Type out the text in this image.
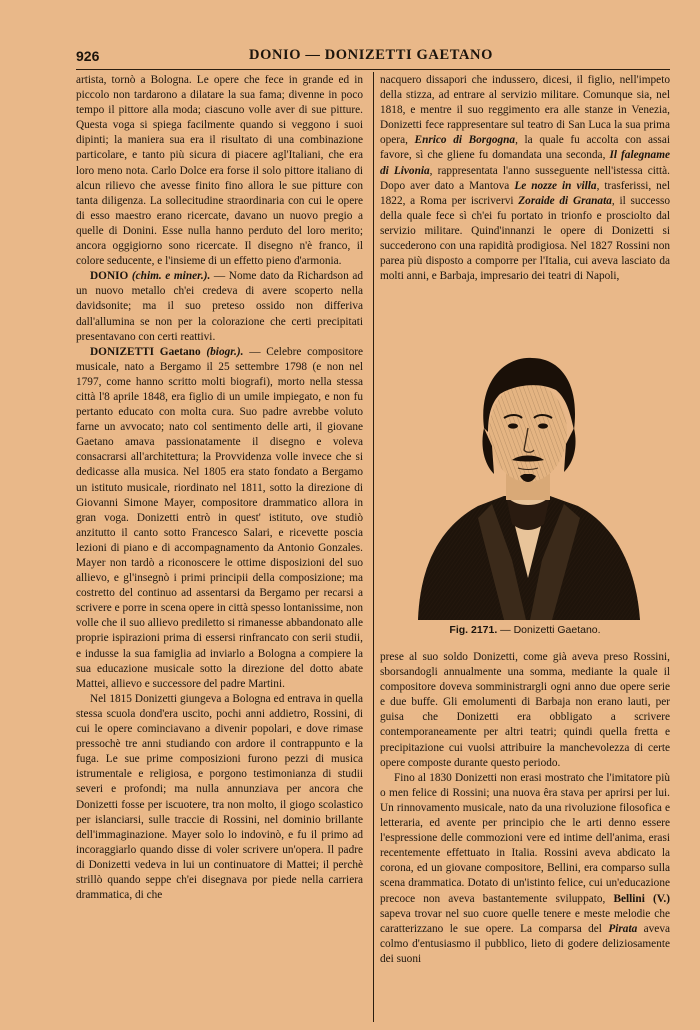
926	DONIO — DONIZETTI GAETANO

artista, tornò a Bologna. Le opere che fece in grande ed in piccolo non tardarono a dilatare la sua fama; divenne in poco tempo il pittore alla moda; ciascuno volle aver di sue pitture. Questa voga si spiega facilmente quando si veggono i suoi dipinti; la maniera sua era il risultato di una combinazione particolare, e tanto più sicura di piacere agl'Italiani, che era loro meno nota. Carlo Dolce era forse il solo pittore italiano di alcun rilievo che avesse finito fino allora le sue pitture con tanta diligenza. La sollecitudine straordinaria con cui le opere di esso maestro erano ricercate, davano un nuovo pregio a quelle di Donini. Esse nulla hanno perduto del loro merito; ancora oggigiorno sono ricercate. Il disegno n'è franco, il colore seducente, e l'insieme di un effetto pieno d'armonia.

DONIO (chim. e miner.). — Nome dato da Richardson ad un nuovo metallo ch'ei credeva di avere scoperto nella davidsonite; ma il suo preteso ossido non differiva dall'allumina se non per la colorazione che certi precipitati presentavano con certi reattivi.

DONIZETTI Gaetano (biogr.). — Celebre compositore musicale, nato a Bergamo il 25 settembre 1798 (e non nel 1797, come hanno scritto molti biografi), morto nella stessa città l'8 aprile 1848, era figlio di un umile impiegato, e non fu pertanto educato con molta cura. Suo padre avrebbe voluto farne un avvocato; nato col sentimento delle arti, il giovane Gaetano amava passionatamente il disegno e voleva consacrarsi all'architettura; la Provvidenza volle invece che si dedicasse alla musica. Nel 1805 era stato fondato a Bergamo un istituto musicale, riordinato nel 1811, sotto la direzione di Giovanni Simone Mayer, compositore drammatico allora in gran voga. Donizetti entrò in quest' istituto, ove studiò anzitutto il canto sotto Francesco Salari, e ricevette poscia lezioni di piano e di accompagnamento da Antonio Gonzales. Mayer non tardò a riconoscere le ottime disposizioni del suo allievo, e gl'insegnò i primi principii della composizione; ma costretto del continuo ad assentarsi da Bergamo per recarsi a scrivere e porre in scena opere in città spesso lontanissime, non volle che il suo allievo prediletto si rimanesse abbandonato alle proprie ispirazioni prima di essersi rinfrancato con serii studii, e indusse la sua famiglia ad inviarlo a Bologna a compiere la sua educazione musicale sotto la direzione del dotto abate Mattei, allievo e successore del padre Martini.

Nel 1815 Donizetti giungeva a Bologna ed entrava in quella stessa scuola dond'era uscito, pochi anni addietro, Rossini, di cui le opere cominciavano a divenir popolari, e dove rimase pressochè tre anni studiando con ardore il contrappunto e la fuga. Le sue prime composizioni furono pezzi di musica istrumentale e religiosa, e porgono testimonianza di studii severi e profondi; ma nulla annunziava per ancora che Donizetti fosse per iscuotere, tra non molto, il giogo scolastico per islanciarsi, sulle traccie di Rossini, nel dominio brillante dell'immaginazione. Mayer solo lo indovinò, e fu il primo ad incoraggiarlo quando disse di voler scrivere un'opera. Il padre di Donizetti vedeva in lui un continuatore di Mattei; il perchè strillò quando seppe ch'ei disegnava por piede nella carriera drammatica, di che

nacquero dissapori che indussero, dicesi, il figlio, nell'impeto della stizza, ad entrare al servizio militare. Comunque sia, nel 1818, e mentre il suo reggimento era alle stanze in Venezia, Donizetti fece rappresentare sul teatro di San Luca la sua prima opera, Enrico di Borgogna, la quale fu accolta con assai favore, sì che gliene fu domandata una seconda, Il falegname di Livonia, rappresentata l'anno susseguente nell'istessa città. Dopo aver dato a Mantova Le nozze in villa, trasferissi, nel 1822, a Roma per iscrivervi Zoraide di Granata, il successo della quale fece sì ch'ei fu portato in trionfo e prosciolto dal servizio militare. Quind'innanzi le opere di Donizetti si succederono con una rapidità prodigiosa. Nel 1827 Rossini non parea più disposto a comporre per l'Italia, cui aveva lasciato da molti anni, e Barbaja, impresario dei teatri di Napoli,

Fig. 2171. — Donizetti Gaetano.

prese al suo soldo Donizetti, come già aveva preso Rossini, sborsandogli annualmente una somma, mediante la quale il compositore doveva somministrargli ogni anno due opere serie e due buffe. Gli emolumenti di Barbaja non erano lauti, per guisa che Donizetti era obbligato a scrivere contemporaneamente per altri teatri; quindi quella fretta e precipitazione cui vuolsi attribuire la manchevolezza di certe opere composte durante questo periodo.

Fino al 1830 Donizetti non erasi mostrato che l'imitatore più o men felice di Rossini; una nuova êra stava per aprirsi per lui. Un rinnovamento musicale, nato da una rivoluzione filosofica e letteraria, ed avente per principio che le arti denno essere l'espressione delle commozioni vere ed intime dell'anima, erasi recentemente effettuato in Italia. Rossini aveva abdicato la corona, ed un giovane compositore, Bellini, era comparso sulla scena drammatica. Dotato di un'istinto felice, cui un'educazione precoce non aveva bastantemente sviluppato, Bellini (V.) sapeva trovar nel suo cuore quelle tenere e meste melodie che caratterizzano le sue opere. La comparsa del Pirata aveva colmo d'entusiasmo il pubblico, lieto di godere deliziosamente dei suoni
